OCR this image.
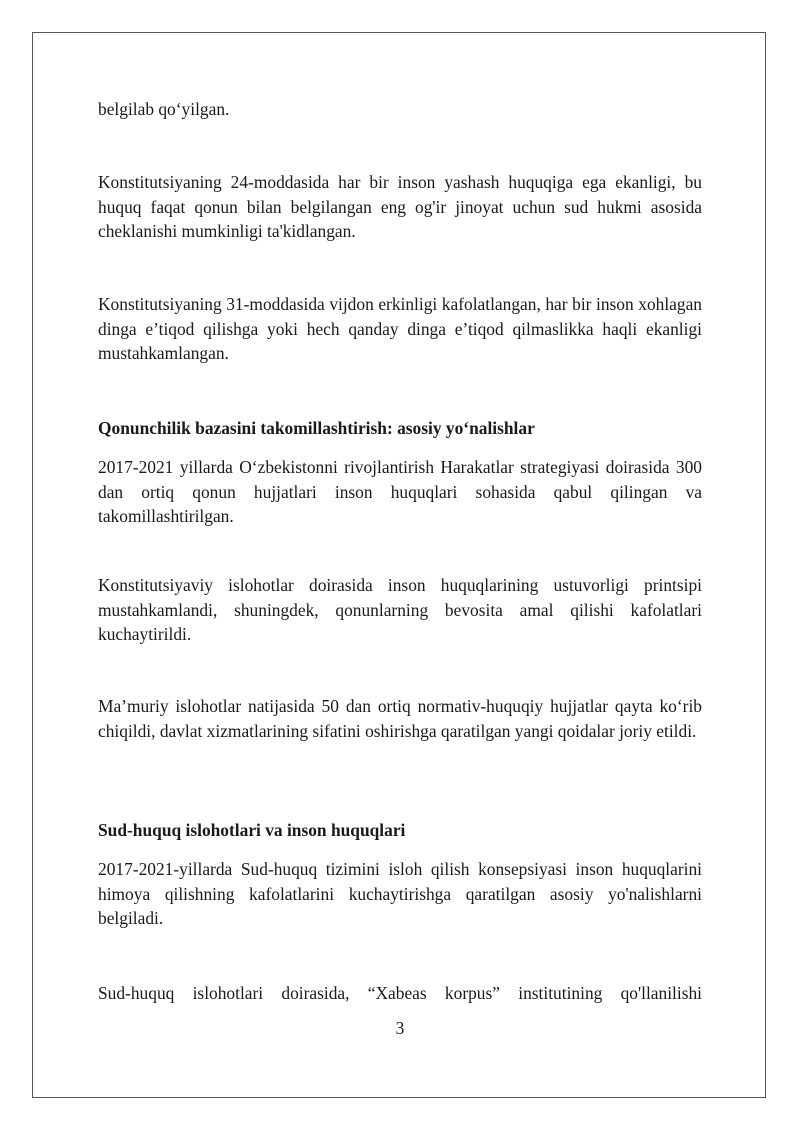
belgilab qo‘yilgan.

Konstitutsiyaning 24-moddasida har bir inson yashash huquqiga ega ekanligi, bu huquq faqat qonun bilan belgilangan eng og'ir jinoyat uchun sud hukmi asosida cheklanishi mumkinligi ta'kidlangan.

Konstitutsiyaning 31-moddasida vijdon erkinligi kafolatlangan, har bir inson xohlagan dinga e’tiqod qilishga yoki hech qanday dinga e’tiqod qilmaslikka haqli ekanligi mustahkamlangan.

Qonunchilik bazasini takomillashtirish: asosiy yo‘nalishlar

2017-2021 yillarda O‘zbekistonni rivojlantirish Harakatlar strategiyasi doirasida 300 dan ortiq qonun hujjatlari inson huquqlari sohasida qabul qilingan va takomillashtirilgan.

Konstitutsiyaviy islohotlar doirasida inson huquqlarining ustuvorligi printsipi mustahkamlandi, shuningdek, qonunlarning bevosita amal qilishi kafolatlari kuchaytirildi.

Ma’muriy islohotlar natijasida 50 dan ortiq normativ-huquqiy hujjatlar qayta ko‘rib chiqildi, davlat xizmatlarining sifatini oshirishga qaratilgan yangi qoidalar joriy etildi.

Sud-huquq islohotlari va inson huquqlari

2017-2021-yillarda Sud-huquq tizimini isloh qilish konsepsiyasi inson huquqlarini himoya qilishning kafolatlarini kuchaytirishga qaratilgan asosiy yo'nalishlarni belgiladi.

Sud-huquq islohotlari doirasida, “Xabeas korpus” institutining qo'llanilishi

3
